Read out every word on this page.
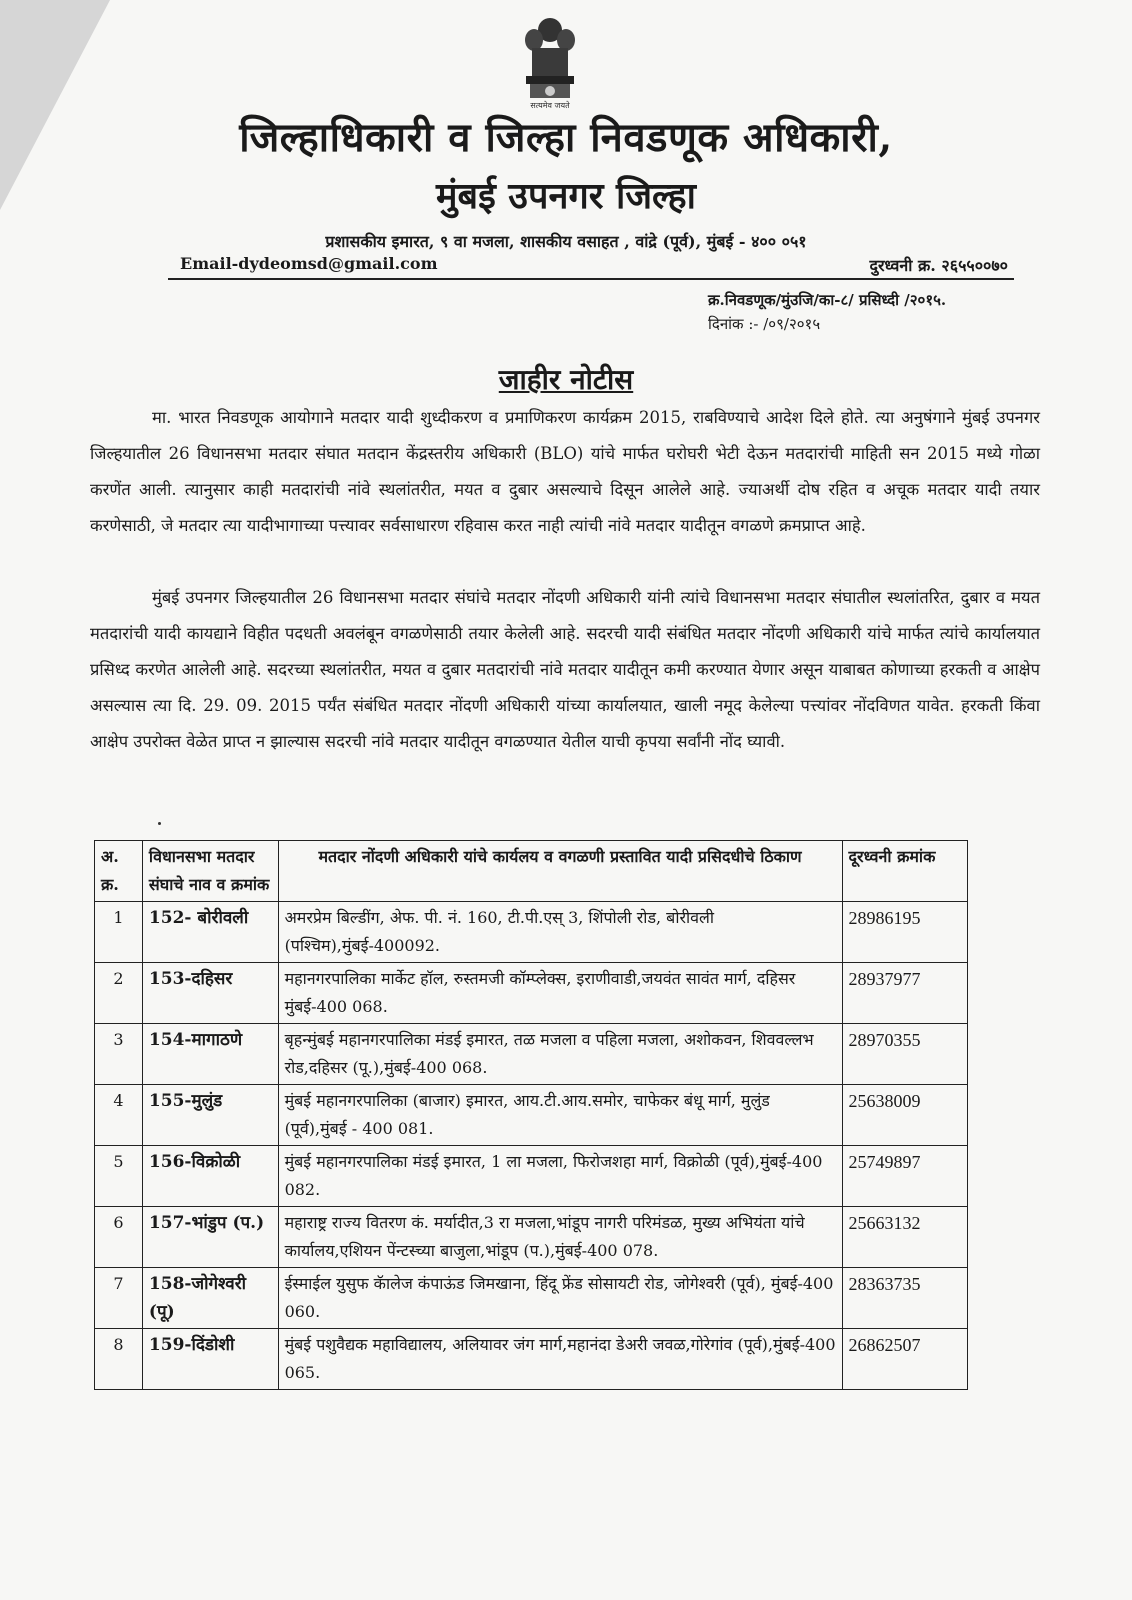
सत्यमेव जयते
जिल्हाधिकारी व जिल्हा निवडणूक अधिकारी,
मुंबई उपनगर जिल्हा
प्रशासकीय इमारत, ९ वा मजला, शासकीय वसाहत , वांद्रे (पूर्व), मुंबई - ४०० ०५१
Email-dydeomsd@gmail.com	दुरध्वनी क्र. २६५५००७०
क्र.निवडणूक/मुंउजि/का-८/ प्रसिध्दी /२०१५.
दिनांक :- /०९/२०१५
जाहीर नोटीस

मा. भारत निवडणूक आयोगाने मतदार यादी शुध्दीकरण व प्रमाणिकरण कार्यक्रम 2015, राबविण्याचे आदेश दिले होते. त्या अनुषंगाने मुंबई उपनगर जिल्हयातील 26 विधानसभा मतदार संघात मतदान केंद्रस्तरीय अधिकारी (BLO) यांचे मार्फत घरोघरी भेटी देऊन मतदारांची माहिती सन 2015 मध्ये गोळा करणेंत आली. त्यानुसार काही मतदारांची नांवे स्थलांतरीत, मयत व दुबार असल्याचे दिसून आलेले आहे. ज्याअर्थी दोष रहित व अचूक मतदार यादी तयार करणेसाठी, जे मतदार त्या यादीभागाच्या पत्त्यावर सर्वसाधारण रहिवास करत नाही त्यांची नांवे मतदार यादीतून वगळणे क्रमप्राप्त आहे.

मुंबई उपनगर जिल्हयातील 26 विधानसभा मतदार संघांचे मतदार नोंदणी अधिकारी यांनी त्यांचे विधानसभा मतदार संघातील स्थलांतरित, दुबार व मयत मतदारांची यादी कायद्याने विहीत पदधती अवलंबून वगळणेसाठी तयार केलेली आहे. सदरची यादी संबंधित मतदार नोंदणी अधिकारी यांचे मार्फत त्यांचे कार्यालयात प्रसिध्द करणेत आलेली आहे. सदरच्या स्थलांतरीत, मयत व दुबार मतदारांची नांवे मतदार यादीतून कमी करण्यात येणार असून याबाबत कोणाच्या हरकती व आक्षेप असल्यास त्या दि. 29. 09. 2015 पर्यंत संबंधित मतदार नोंदणी अधिकारी यांच्या कार्यालयात, खाली नमूद केलेल्या पत्त्यांवर नोंदविणत यावेत. हरकती किंवा आक्षेप उपरोक्त वेळेत प्राप्त न झाल्यास सदरची नांवे मतदार यादीतून वगळण्यात येतील याची कृपया सर्वांनी नोंद घ्यावी.

अ. क्र.	विधानसभा मतदार संघाचे नाव व क्रमांक	मतदार नोंदणी अधिकारी यांचे कार्यलय व वगळणी प्रस्तावित यादी प्रसिदधीचे ठिकाण	दूरध्वनी क्रमांक
1	152- बोरीवली	अमरप्रेम बिल्डींग, अेफ. पी. नं. 160, टी.पी.एस् 3, शिंपोली रोड, बोरीवली (पश्चिम),मुंबई-400092.	28986195
2	153-दहिसर	महानगरपालिका मार्केट हॉल, रुस्तमजी कॉम्प्लेक्स, इराणीवाडी,जयवंत सावंत मार्ग, दहिसर मुंबई-400 068.	28937977
3	154-मागाठणे	बृहन्मुंबई महानगरपालिका मंडई इमारत, तळ मजला व पहिला मजला, अशोकवन, शिववल्लभ रोड,दहिसर (पू.),मुंबई-400 068.	28970355
4	155-मुलुंड	मुंबई महानगरपालिका (बाजार) इमारत, आय.टी.आय.समोर, चाफेकर बंधू मार्ग, मुलुंड (पूर्व),मुंबई - 400 081.	25638009
5	156-विक्रोळी	मुंबई महानगरपालिका मंडई इमारत, 1 ला मजला, फिरोजशहा मार्ग, विक्रोळी (पूर्व),मुंबई-400 082.	25749897
6	157-भांडुप (प.)	महाराष्ट्र राज्य वितरण कं. मर्यादीत,3 रा मजला,भांडूप नागरी परिमंडळ, मुख्य अभियंता यांचे कार्यालय,एशियन पेंन्टस्च्या बाजुला,भांडूप (प.),मुंबई-400 078.	25663132
7	158-जोगेश्वरी (पू)	ईस्माईल युसुफ कॅालेज कंपाऊंड जिमखाना, हिंदू फ्रेंड सोसायटी रोड, जोगेश्वरी (पूर्व), मुंबई-400 060.	28363735
8	159-दिंडोशी	मुंबई पशुवैद्यक महाविद्यालय, अलियावर जंग मार्ग,महानंदा डेअरी जवळ,गोरेगांव (पूर्व),मुंबई-400 065.	26862507
